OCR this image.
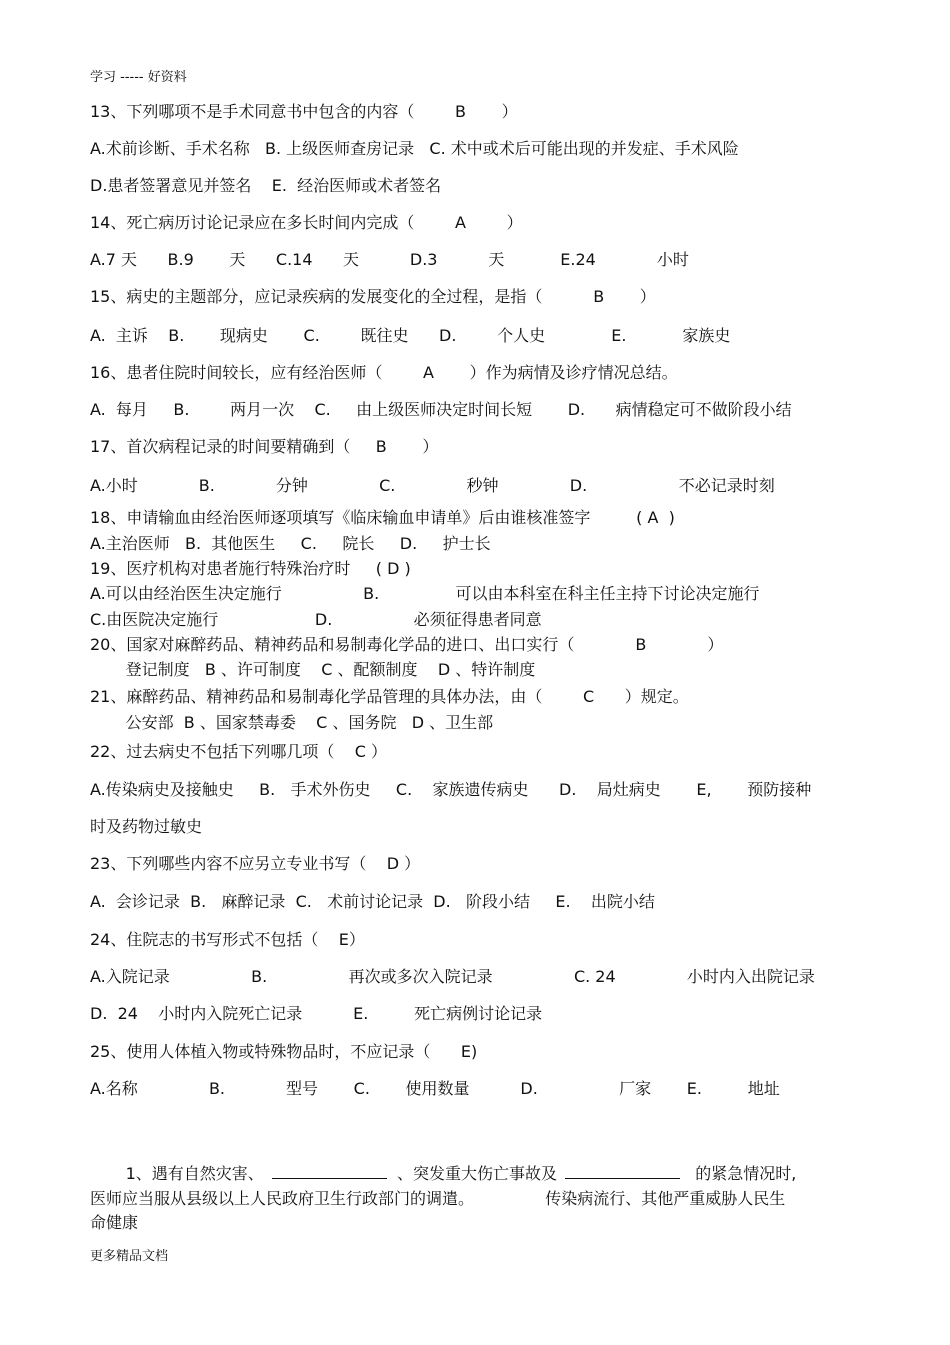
学习 ----- 好资料
13、下列哪项不是手术同意书中包含的内容（        B       ）
A.术前诊断、手术名称   B. 上级医师查房记录   C. 术中或术后可能出现的并发症、手术风险
D.患者签署意见并签名    E.  经治医师或术者签名
14、死亡病历讨论记录应在多长时间内完成（        A        ）
A.7 天      B.9       天      C.14      天          D.3          天           E.24            小时
15、病史的主题部分，应记录疾病的发展变化的全过程，是指（          B       ）
A.  主诉    B.       现病史       C.        既往史      D.        个人史             E.           家族史
16、患者住院时间较长，应有经治医师（        A       ）作为病情及诊疗情况总结。
A.  每月     B.        两月一次    C.     由上级医师决定时间长短       D.      病情稳定可不做阶段小结
17、首次病程记录的时间要精确到（     B       ）
A.小时            B.            分钟              C.              秒钟              D.                  不必记录时刻
18、申请输血由经治医师逐项填写《临床输血申请单》后由谁核准签字         ( A  )
A.主治医师   B.  其他医生     C.     院长     D.     护士长
19、医疗机构对患者施行特殊治疗时     ( D )
A.可以由经治医生决定施行                B.               可以由本科室在科主任主持下讨论决定施行
C.由医院决定施行                   D.                必须征得患者同意
20、国家对麻醉药品、精神药品和易制毒化学品的进口、出口实行（            B            ）
登记制度   B 、许可制度    C 、配额制度    D 、特许制度
21、麻醉药品、精神药品和易制毒化学品管理的具体办法，由（        C      ）规定。
公安部  B 、国家禁毒委    C 、国务院   D 、卫生部
22、过去病史不包括下列哪几项（    C ）
A.传染病史及接触史     B.   手术外伤史     C.    家族遗传病史      D.    局灶病史       E,       预防接种
时及药物过敏史
23、下列哪些内容不应另立专业书写（    D ）
A.  会诊记录  B.   麻醉记录  C.   术前讨论记录  D.   阶段小结     E.    出院小结
24、住院志的书写形式不包括（    E）
A.入院记录                B.                再次或多次入院记录                C. 24              小时内入出院记录
D.  24    小时内入院死亡记录          E.         死亡病例讨论记录
25、使用人体植入物或特殊物品时，不应记录（      E)
A.名称              B.            型号       C.       使用数量          D.                厂家       E.         地址
1、遇有自然灾害、	、突发重大伤亡事故及	的紧急情况时,
医师应当服从县级以上人民政府卫生行政部门的调遣。              传染病流行、其他严重威胁人民生
命健康
更多精品文档
